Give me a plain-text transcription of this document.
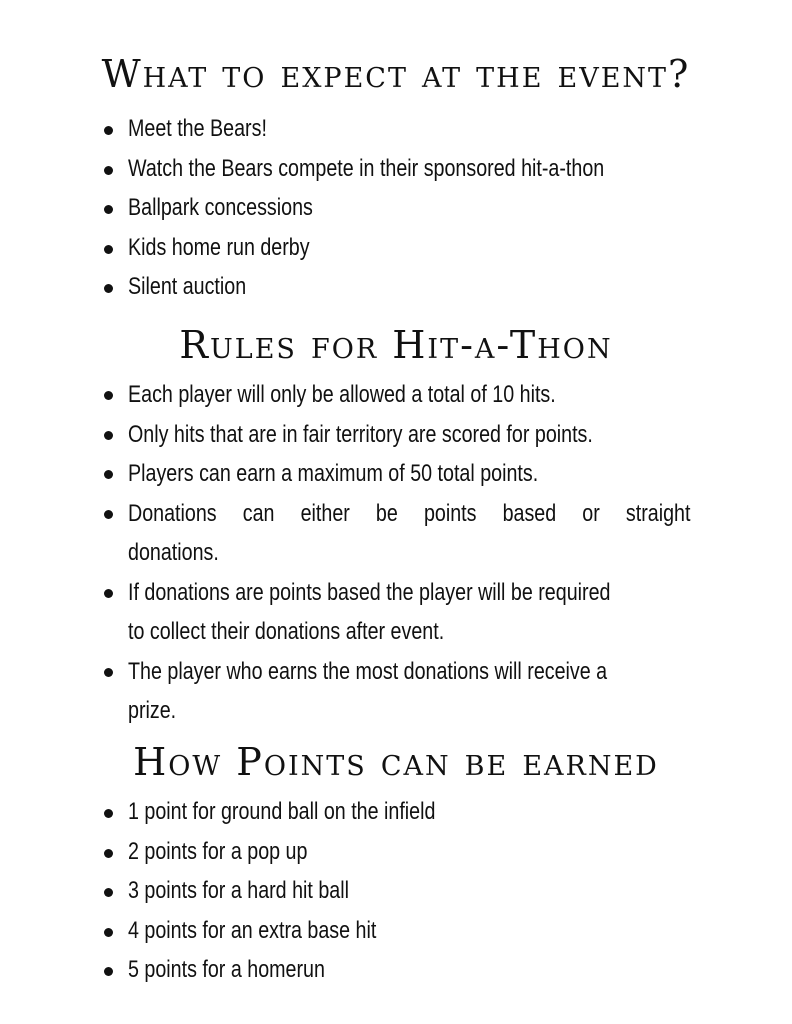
What to expect at the event?
Meet the Bears!
Watch the Bears compete in their sponsored hit-a-thon
Ballpark concessions
Kids home run derby
Silent auction
Rules for Hit-a-Thon
Each player will only be allowed a total of 10 hits.
Only hits that are in fair territory are scored for points.
Players can earn a maximum of 50 total points.
Donations can either be points based or straight
donations.
If donations are points based the player will be required
to collect their donations after event.
The player who earns the most donations will receive a
prize.
How Points can be earned
1 point for ground ball on the infield
2 points for a pop up
3 points for a hard hit ball
4 points for an extra base hit
5 points for a homerun
